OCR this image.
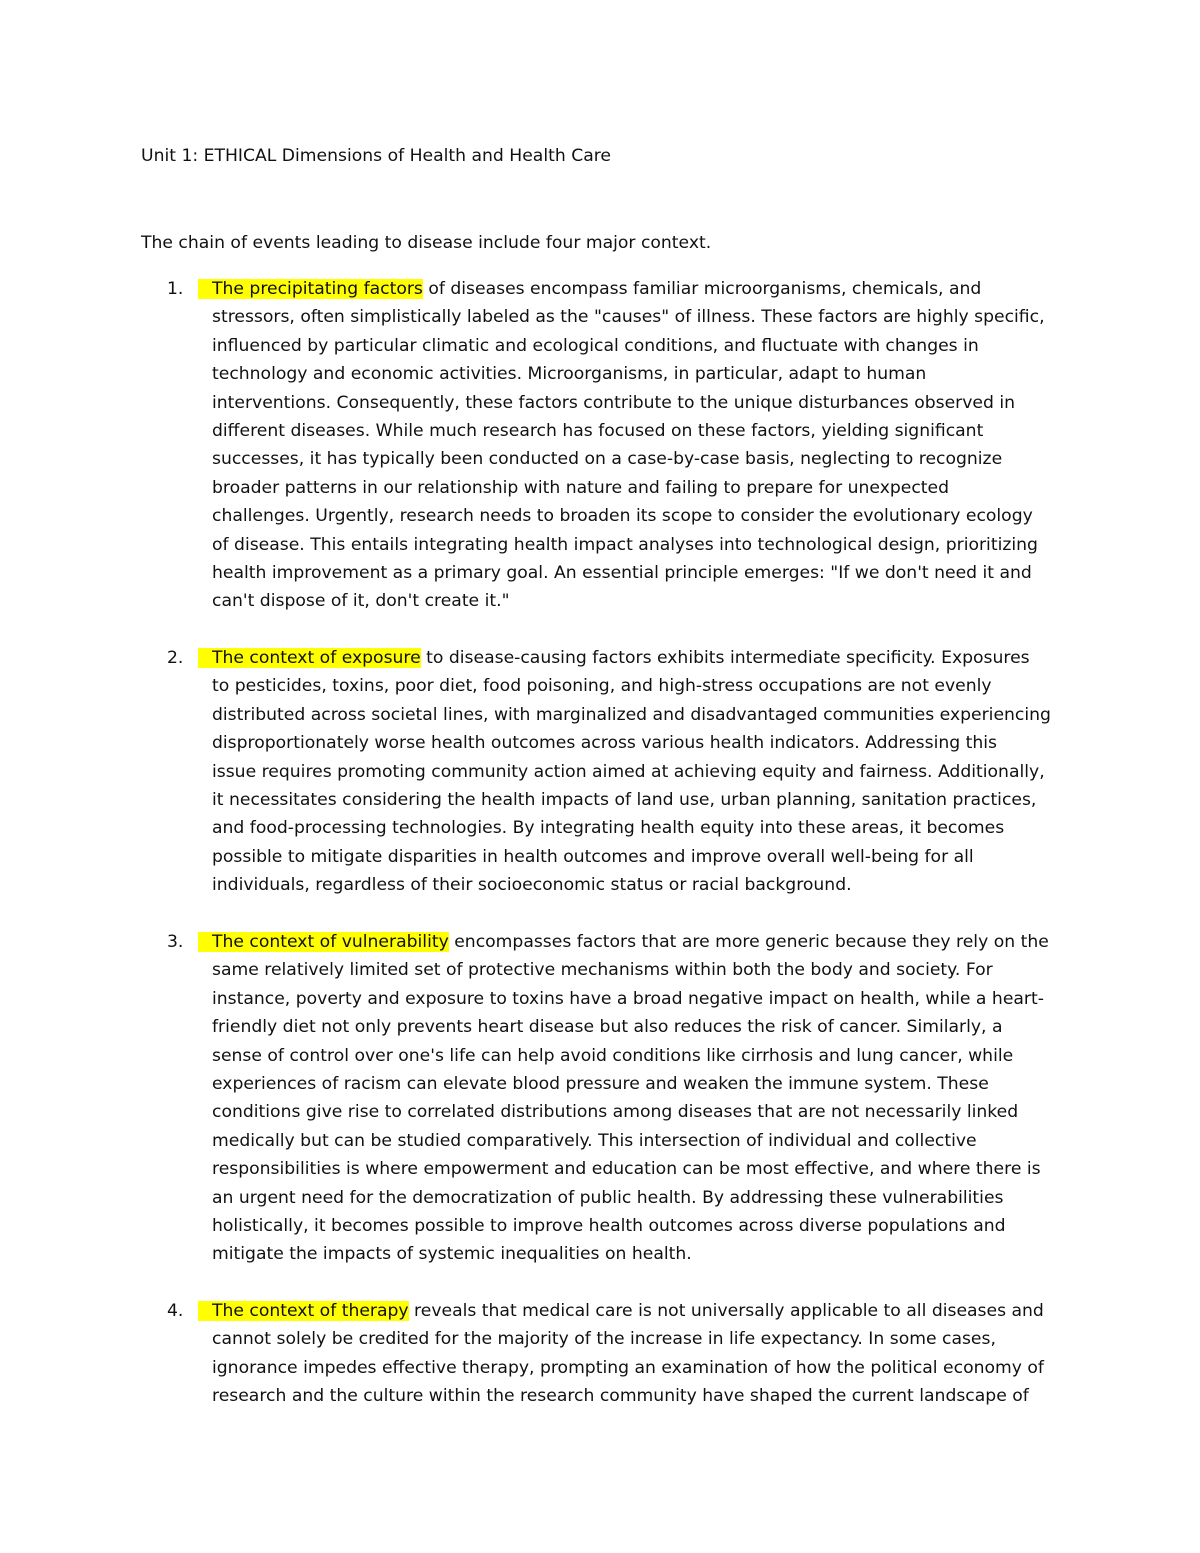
Unit 1: ETHICAL Dimensions of Health and Health Care
The chain of events leading to disease include four major context.
1. The precipitating factors of diseases encompass familiar microorganisms, chemicals, and
stressors, often simplistically labeled as the "causes" of illness. These factors are highly specific,
influenced by particular climatic and ecological conditions, and fluctuate with changes in
technology and economic activities. Microorganisms, in particular, adapt to human
interventions. Consequently, these factors contribute to the unique disturbances observed in
different diseases. While much research has focused on these factors, yielding significant
successes, it has typically been conducted on a case-by-case basis, neglecting to recognize
broader patterns in our relationship with nature and failing to prepare for unexpected
challenges. Urgently, research needs to broaden its scope to consider the evolutionary ecology
of disease. This entails integrating health impact analyses into technological design, prioritizing
health improvement as a primary goal. An essential principle emerges: "If we don't need it and
can't dispose of it, don't create it."
2. The context of exposure to disease-causing factors exhibits intermediate specificity. Exposures
to pesticides, toxins, poor diet, food poisoning, and high-stress occupations are not evenly
distributed across societal lines, with marginalized and disadvantaged communities experiencing
disproportionately worse health outcomes across various health indicators. Addressing this
issue requires promoting community action aimed at achieving equity and fairness. Additionally,
it necessitates considering the health impacts of land use, urban planning, sanitation practices,
and food-processing technologies. By integrating health equity into these areas, it becomes
possible to mitigate disparities in health outcomes and improve overall well-being for all
individuals, regardless of their socioeconomic status or racial background.
3. The context of vulnerability encompasses factors that are more generic because they rely on the
same relatively limited set of protective mechanisms within both the body and society. For
instance, poverty and exposure to toxins have a broad negative impact on health, while a heart-
friendly diet not only prevents heart disease but also reduces the risk of cancer. Similarly, a
sense of control over one's life can help avoid conditions like cirrhosis and lung cancer, while
experiences of racism can elevate blood pressure and weaken the immune system. These
conditions give rise to correlated distributions among diseases that are not necessarily linked
medically but can be studied comparatively. This intersection of individual and collective
responsibilities is where empowerment and education can be most effective, and where there is
an urgent need for the democratization of public health. By addressing these vulnerabilities
holistically, it becomes possible to improve health outcomes across diverse populations and
mitigate the impacts of systemic inequalities on health.
4. The context of therapy reveals that medical care is not universally applicable to all diseases and
cannot solely be credited for the majority of the increase in life expectancy. In some cases,
ignorance impedes effective therapy, prompting an examination of how the political economy of
research and the culture within the research community have shaped the current landscape of
